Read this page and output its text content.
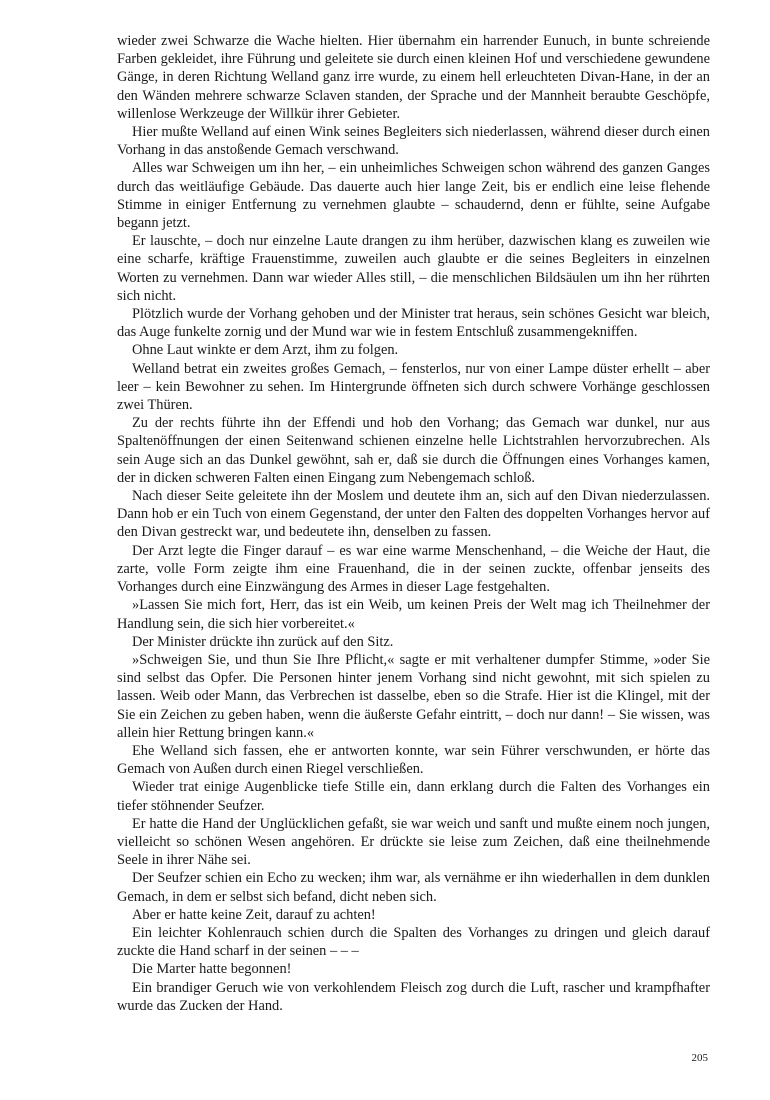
wieder zwei Schwarze die Wache hielten. Hier übernahm ein harrender Eunuch, in bunte schreiende Farben gekleidet, ihre Führung und geleitete sie durch einen kleinen Hof und verschiedene gewundene Gänge, in deren Richtung Welland ganz irre wurde, zu einem hell erleuchteten Divan-Hane, in der an den Wänden mehrere schwarze Sclaven standen, der Sprache und der Mannheit beraubte Geschöpfe, willenlose Werkzeuge der Willkür ihrer Gebieter.

Hier mußte Welland auf einen Wink seines Begleiters sich niederlassen, während dieser durch einen Vorhang in das anstoßende Gemach verschwand.

Alles war Schweigen um ihn her, – ein unheimliches Schweigen schon während des ganzen Ganges durch das weitläufige Gebäude. Das dauerte auch hier lange Zeit, bis er endlich eine leise flehende Stimme in einiger Entfernung zu vernehmen glaubte – schaudernd, denn er fühlte, seine Aufgabe begann jetzt.

Er lauschte, – doch nur einzelne Laute drangen zu ihm herüber, dazwischen klang es zuweilen wie eine scharfe, kräftige Frauenstimme, zuweilen auch glaubte er die seines Begleiters in einzelnen Worten zu vernehmen. Dann war wieder Alles still, – die menschlichen Bildsäulen um ihn her rührten sich nicht.

Plötzlich wurde der Vorhang gehoben und der Minister trat heraus, sein schönes Gesicht war bleich, das Auge funkelte zornig und der Mund war wie in festem Entschluß zusammengekniffen.

Ohne Laut winkte er dem Arzt, ihm zu folgen.

Welland betrat ein zweites großes Gemach, – fensterlos, nur von einer Lampe düster erhellt – aber leer – kein Bewohner zu sehen. Im Hintergrunde öffneten sich durch schwere Vorhänge geschlossen zwei Thüren.

Zu der rechts führte ihn der Effendi und hob den Vorhang; das Gemach war dunkel, nur aus Spaltenöffnungen der einen Seitenwand schienen einzelne helle Lichtstrahlen hervorzubrechen. Als sein Auge sich an das Dunkel gewöhnt, sah er, daß sie durch die Öffnungen eines Vorhanges kamen, der in dicken schweren Falten einen Eingang zum Nebengemach schloß.

Nach dieser Seite geleitete ihn der Moslem und deutete ihm an, sich auf den Divan niederzulassen. Dann hob er ein Tuch von einem Gegenstand, der unter den Falten des doppelten Vorhanges hervor auf den Divan gestreckt war, und bedeutete ihn, denselben zu fassen.

Der Arzt legte die Finger darauf – es war eine warme Menschenhand, – die Weiche der Haut, die zarte, volle Form zeigte ihm eine Frauenhand, die in der seinen zuckte, offenbar jenseits des Vorhanges durch eine Einzwängung des Armes in dieser Lage festgehalten.

»Lassen Sie mich fort, Herr, das ist ein Weib, um keinen Preis der Welt mag ich Theilnehmer der Handlung sein, die sich hier vorbereitet.«

Der Minister drückte ihn zurück auf den Sitz.

»Schweigen Sie, und thun Sie Ihre Pflicht,« sagte er mit verhaltener dumpfer Stimme, »oder Sie sind selbst das Opfer. Die Personen hinter jenem Vorhang sind nicht gewohnt, mit sich spielen zu lassen. Weib oder Mann, das Verbrechen ist dasselbe, eben so die Strafe. Hier ist die Klingel, mit der Sie ein Zeichen zu geben haben, wenn die äußerste Gefahr eintritt, – doch nur dann! – Sie wissen, was allein hier Rettung bringen kann.«

Ehe Welland sich fassen, ehe er antworten konnte, war sein Führer verschwunden, er hörte das Gemach von Außen durch einen Riegel verschließen.

Wieder trat einige Augenblicke tiefe Stille ein, dann erklang durch die Falten des Vorhanges ein tiefer stöhnender Seufzer.

Er hatte die Hand der Unglücklichen gefaßt, sie war weich und sanft und mußte einem noch jungen, vielleicht so schönen Wesen angehören. Er drückte sie leise zum Zeichen, daß eine theilnehmende Seele in ihrer Nähe sei.

Der Seufzer schien ein Echo zu wecken; ihm war, als vernähme er ihn wiederhallen in dem dunklen Gemach, in dem er selbst sich befand, dicht neben sich.

Aber er hatte keine Zeit, darauf zu achten!

Ein leichter Kohlenrauch schien durch die Spalten des Vorhanges zu dringen und gleich darauf zuckte die Hand scharf in der seinen – – –

Die Marter hatte begonnen!

Ein brandiger Geruch wie von verkohlendem Fleisch zog durch die Luft, rascher und krampfhafter wurde das Zucken der Hand.

205
